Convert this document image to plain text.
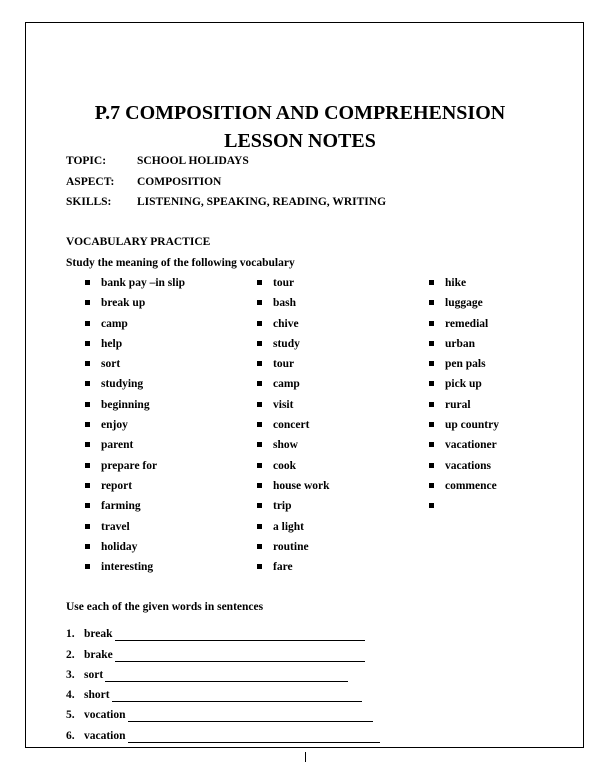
P.7 COMPOSITION AND COMPREHENSION
LESSON NOTES
TOPIC:	SCHOOL HOLIDAYS
ASPECT: COMPOSITION
SKILLS: LISTENING, SPEAKING, READING, WRITING
VOCABULARY PRACTICE
Study the meaning of the following vocabulary
bank pay –in slip
break up
camp
help
sort
studying
beginning
enjoy
parent
prepare for
report
farming
travel
holiday
interesting
tour
bash
chive
study
tour
camp
visit
concert
show
cook
house work
trip
a light
routine
fare
hike
luggage
remedial
urban
pen pals
pick up
rural
up country
vacationer
vacations
commence
Use each of the given words in sentences
1. break
2. brake
3. sort
4. short
5. vocation
6. vacation
